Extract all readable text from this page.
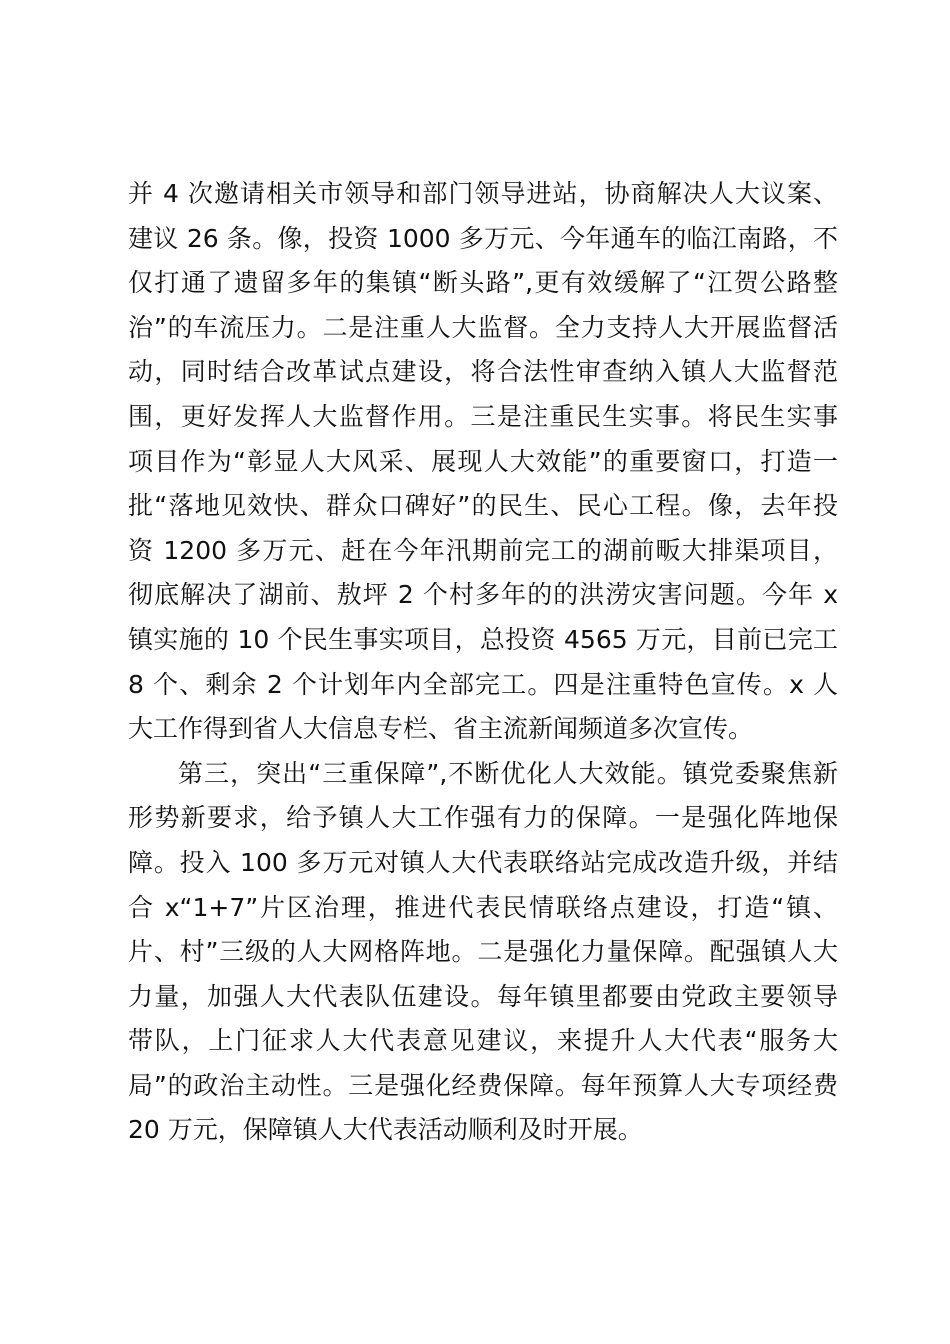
并 4 次邀请相关市领导和部门领导进站，协商解决人大议案、
建议 26 条。像，投资 1000 多万元、今年通车的临江南路，不
仅打通了遗留多年的集镇“断头路”,更有效缓解了“江贺公路整
治”的车流压力。二是注重人大监督。全力支持人大开展监督活
动，同时结合改革试点建设，将合法性审查纳入镇人大监督范
围，更好发挥人大监督作用。三是注重民生实事。将民生实事
项目作为“彰显人大风采、展现人大效能”的重要窗口，打造一
批“落地见效快、群众口碑好”的民生、民心工程。像，去年投
资 1200 多万元、赶在今年汛期前完工的湖前畈大排渠项目，
彻底解决了湖前、敖坪 2 个村多年的的洪涝灾害问题。今年 x
镇实施的 10 个民生事实项目，总投资 4565 万元，目前已完工
8 个、剩余 2 个计划年内全部完工。四是注重特色宣传。x 人
大工作得到省人大信息专栏、省主流新闻频道多次宣传。
第三，突出“三重保障”,不断优化人大效能。镇党委聚焦新
形势新要求，给予镇人大工作强有力的保障。一是强化阵地保
障。投入 100 多万元对镇人大代表联络站完成改造升级，并结
合 x“1+7”片区治理，推进代表民情联络点建设，打造“镇、
片、村”三级的人大网格阵地。二是强化力量保障。配强镇人大
力量，加强人大代表队伍建设。每年镇里都要由党政主要领导
带队，上门征求人大代表意见建议，来提升人大代表“服务大
局”的政治主动性。三是强化经费保障。每年预算人大专项经费
20 万元，保障镇人大代表活动顺利及时开展。
